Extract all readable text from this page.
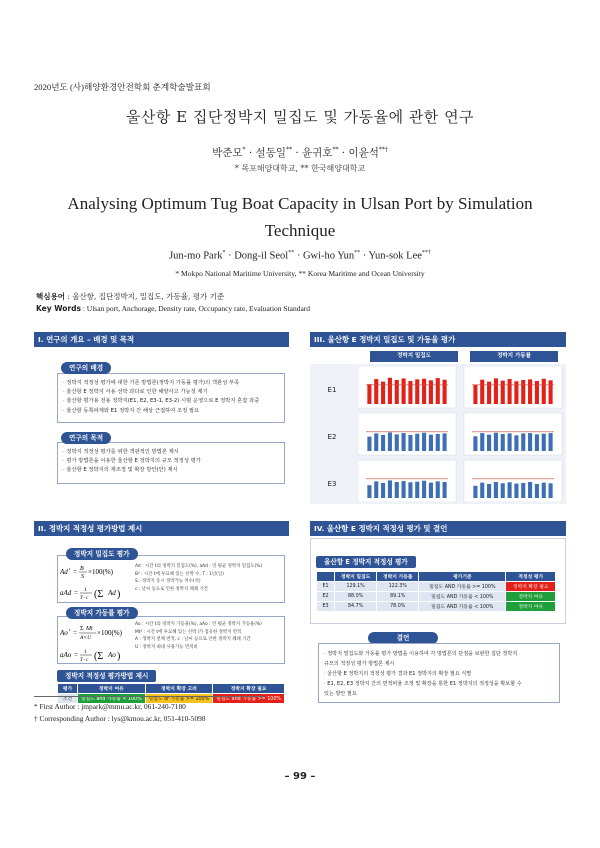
2020년도 (사)해양환경안전학회 춘계학술발표회
울산항 E 집단정박지 밀집도 및 가동율에 관한 연구
박준모* · 설동일** · 윤귀호** · 이윤석**†
* 목포해양대학교, ** 한국해양대학교
Analysing Optimum Tug Boat Capacity in Ulsan Port by Simulation Technique
Jun-mo Park* · Dong-il Seol** · Gwi-ho Yun** · Yun-sok Lee**†
* Mokpo National Maritime University, ** Korea Maritime and Ocean University
핵심용어 : 울산항, 집단정박지, 밀집도, 가동율, 평가 기준
Key Words : Ulsan port, Anchorage, Density rate, Occupancy rate, Evaluation Standard
I. 연구의 개요 – 배경 및 목적
· 정박지 적정성 평가에 대한 기존 방법론(정박지 가동률 평가)의 객관성 부족
· 울산항 E 정박지 사용 선박 과다로 인한 해양사고 가능성 제기
· 울산항 평가용 전용 정박지(E1, E2, E3-1, E3-2) 시범 운영으로 E 정박지 혼잡 과중
· 울산항 동쪽파제와 E1 정박지 간 해상 근접하여 조정 필요
연구의 배경
· 정박지 적정성 평가를 위한 객관적인 방법론 제시
· 평가 방법론을 이용한 울산항 E 정박지의 규모 적정성 평가
· 울산항 E 정박지의 재조정 및 확장 방안(안) 제시
연구의 목적
II. 정박지 적정성 평가방법 제시
정박지 밀집도 평가
Ad t = B
S
×100(%)
aAd = 1
T−c (Σ Ad )
Ad : 시간 t의 정박지 밀집도(%), aAd : 연 평균 정박지 밀집도(%)
B² : 시간 t에 투묘해 있는 선박 수, T : 1년(일)
S : 정박지 동시 정박가능 척수(척)
c : 날씨 등으로 인한 정박지 폐쇄 기간
정박지 가동률 평가
Ao t = Σ Mt
A×U
×100(%)
aAo = 1
T−c (Σ Ao )
Ao : 시간 t의 정박지 가동율(%), aAo : 연 평균 정박지 가동율(%)
Mt² : 시간 t에 투묘해 있는 선박 i가 점유한 정박지 면적
A : 정박지 전체 면적, c : 날씨 등으로 인한 정박지 폐쇄 기간
U : 정박지 최대 사용가능 면적비
정박지 적정성 평가방법 제시
평가	정박지 여유	정박지 확장 고려	정박지 확장 필요
조건	밀집도 and 가동률 < 100%	밀집도 or 가동률 >= 100%	밀집도 and 가동률 >= 100%
III. 울산항 E 정박지 밀집도 및 가동율 평가
정박지 밀집도	정박지 가동률
E1
E2
E3
IV. 울산항 E 정박지 적정성 평가 및 결언
울산항 E 정박지 적정성 평가
	정박지 밀집도	정박지 가동률	평가기준	적정성 평가
E1	129.1%	122.3%	밀집도 AND 가동률 >= 100%	정박지 확장 필요
E2	88.0%	89.1%	밀집도 AND 가동률 < 100%	정박지 여유
E3	84.7%	78.0%	밀집도 AND 가동률 < 100%	정박지 여유
결언
· 정박지 밀집도와 가동률 평가 방법을 이용하여 각 방법론의 단점을 보완한 집단 정박지
규모의 적정성 평가 방법론 제시
· 울산항 E 정박지의 적정성 평가 결과 E1 정박지의 확장 필요 식별
· E1, E2, E3 정박지 간의 면적비율 조정 및 확장을 통한 E1 정박지의 적정성을 확보할 수
있는 방안 필요
* First Author : jmpark@mmu.ac.kr, 061-240-7180
† Corresponding Author : lys@kmou.ac.kr, 051-410-5098
– 99 –
